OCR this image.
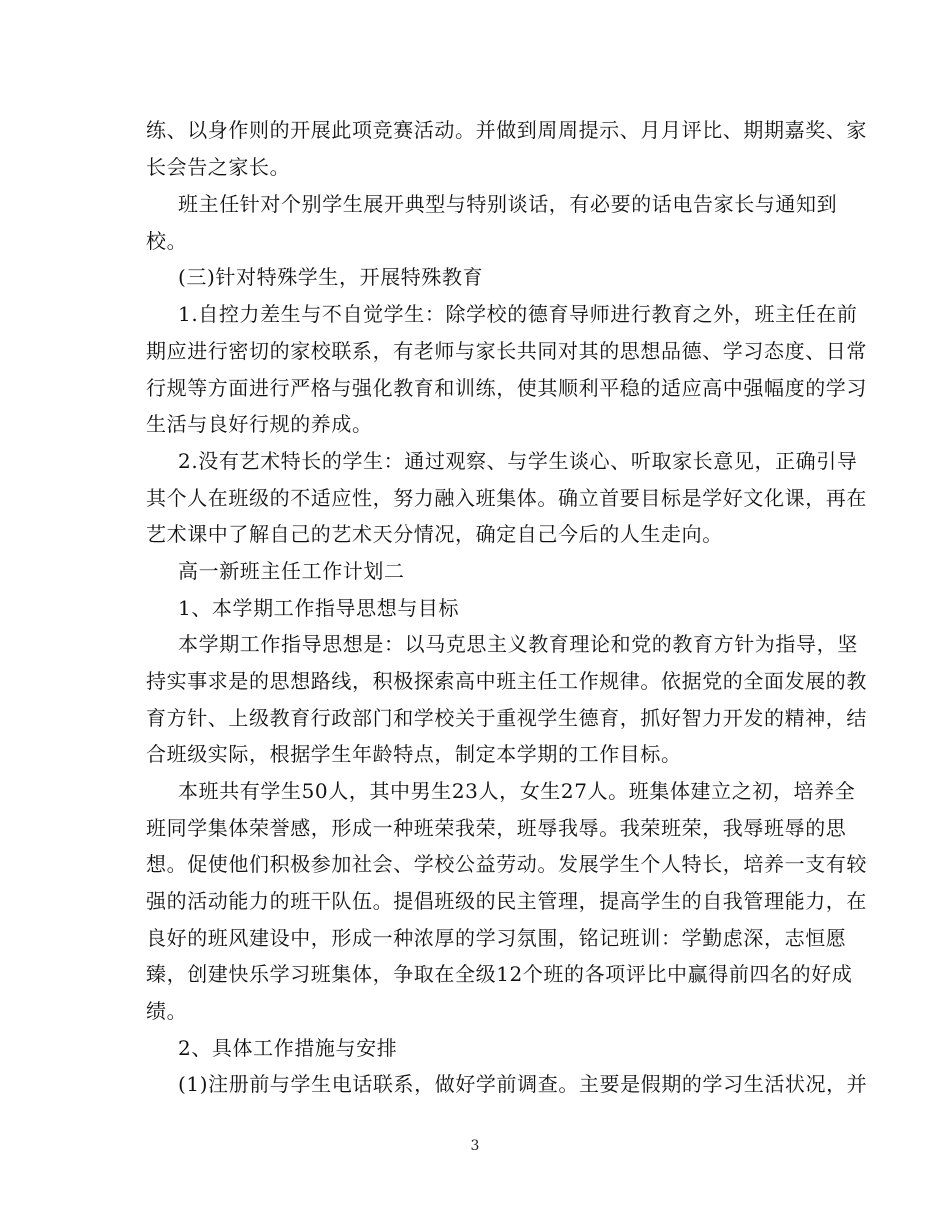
练、以身作则的开展此项竞赛活动。并做到周周提示、月月评比、期期嘉奖、家
长会告之家长。
班主任针对个别学生展开典型与特别谈话，有必要的话电告家长与通知到
校。
(三)针对特殊学生，开展特殊教育
1.自控力差生与不自觉学生：除学校的德育导师进行教育之外，班主任在前
期应进行密切的家校联系，有老师与家长共同对其的思想品德、学习态度、日常
行规等方面进行严格与强化教育和训练，使其顺利平稳的适应高中强幅度的学习
生活与良好行规的养成。
2.没有艺术特长的学生：通过观察、与学生谈心、听取家长意见，正确引导
其个人在班级的不适应性，努力融入班集体。确立首要目标是学好文化课，再在
艺术课中了解自己的艺术天分情况，确定自己今后的人生走向。
高一新班主任工作计划二
1、本学期工作指导思想与目标
本学期工作指导思想是：以马克思主义教育理论和党的教育方针为指导，坚
持实事求是的思想路线，积极探索高中班主任工作规律。依据党的全面发展的教
育方针、上级教育行政部门和学校关于重视学生德育，抓好智力开发的精神，结
合班级实际，根据学生年龄特点，制定本学期的工作目标。
本班共有学生50人，其中男生23人，女生27人。班集体建立之初，培养全
班同学集体荣誉感，形成一种班荣我荣，班辱我辱。我荣班荣，我辱班辱的思
想。促使他们积极参加社会、学校公益劳动。发展学生个人特长，培养一支有较
强的活动能力的班干队伍。提倡班级的民主管理，提高学生的自我管理能力，在
良好的班风建设中，形成一种浓厚的学习氛围，铭记班训：学勤虑深，志恒愿
臻，创建快乐学习班集体，争取在全级12个班的各项评比中赢得前四名的好成
绩。
2、具体工作措施与安排
(1)注册前与学生电话联系，做好学前调查。主要是假期的学习生活状况，并
3
